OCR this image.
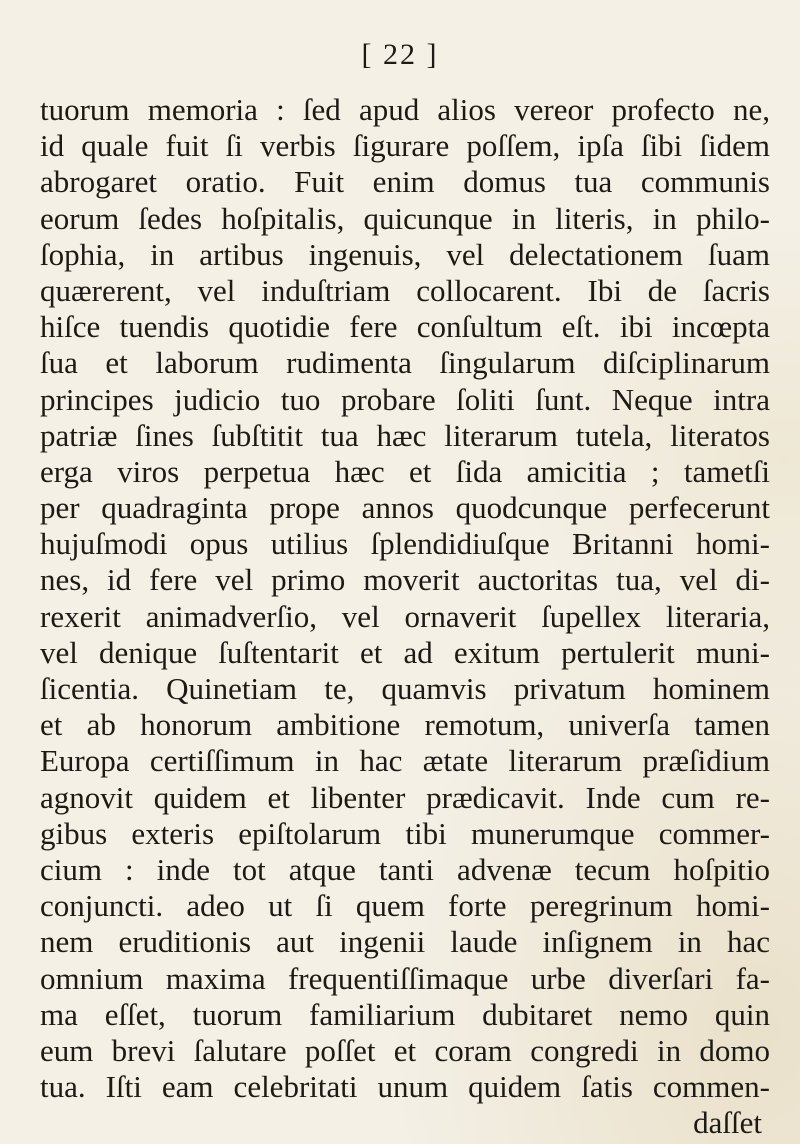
[ 22 ]
tuorum memoria : ſed apud alios vereor profecto ne,
id quale fuit ſi verbis ſigurare poſſem, ipſa ſibi ſidem
abrogaret oratio. Fuit enim domus tua communis
eorum ſedes hoſpitalis, quicunque in literis, in philo-
ſophia, in artibus ingenuis, vel delectationem ſuam
quærerent, vel induſtriam collocarent. Ibi de ſacris
hiſce tuendis quotidie fere conſultum eſt. ibi incœpta
ſua et laborum rudimenta ſingularum diſciplinarum
principes judicio tuo probare ſoliti ſunt. Neque intra
patriæ ſines ſubſtitit tua hæc literarum tutela, literatos
erga viros perpetua hæc et ſida amicitia ; tametſi
per quadraginta prope annos quodcunque perfecerunt
hujuſmodi opus utilius ſplendidiuſque Britanni homi-
nes, id fere vel primo moverit auctoritas tua, vel di-
rexerit animadverſio, vel ornaverit ſupellex literaria,
vel denique ſuſtentarit et ad exitum pertulerit muni-
ſicentia. Quinetiam te, quamvis privatum hominem
et ab honorum ambitione remotum, univerſa tamen
Europa certiſſimum in hac ætate literarum præſidium
agnovit quidem et libenter prædicavit. Inde cum re-
gibus exteris epiſtolarum tibi munerumque commer-
cium : inde tot atque tanti advenæ tecum hoſpitio
conjuncti. adeo ut ſi quem forte peregrinum homi-
nem eruditionis aut ingenii laude inſignem in hac
omnium maxima frequentiſſimaque urbe diverſari fa-
ma eſſet, tuorum familiarium dubitaret nemo quin
eum brevi ſalutare poſſet et coram congredi in domo
tua. Iſti eam celebritati unum quidem ſatis commen-
daſſet
